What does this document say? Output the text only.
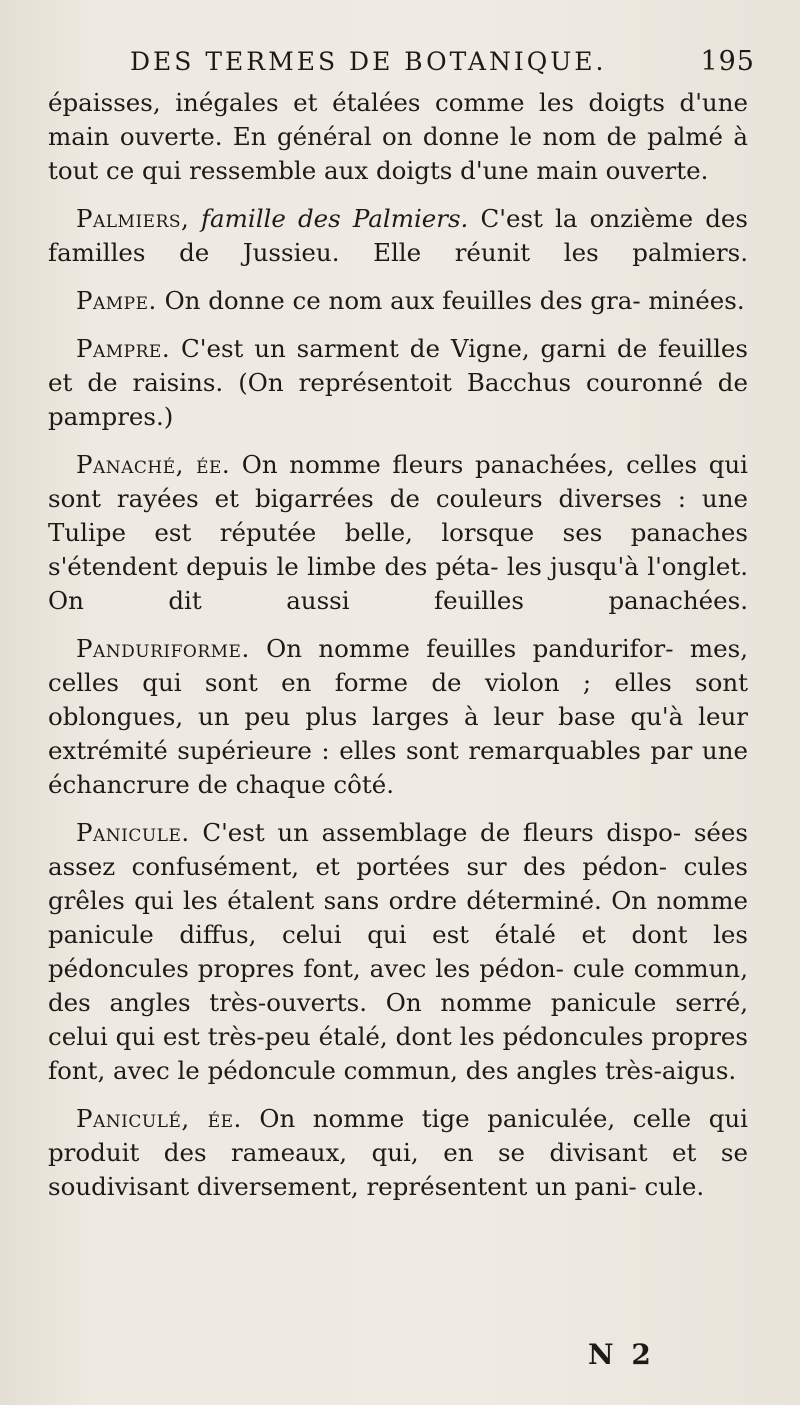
DES TERMES DE BOTANIQUE.	195

épaisses, inégales et étalées comme les doigts d'une main ouverte. En général on donne le nom de palmé à tout ce qui ressemble aux doigts d'une main ouverte.

Palmiers, famille des Palmiers. C'est la onzième des familles de Jussieu. Elle réunit les palmiers.

Pampe. On donne ce nom aux feuilles des gra- minées.

Pampre. C'est un sarment de Vigne, garni de feuilles et de raisins. (On représentoit Bacchus couronné de pampres.)

Panaché, ée. On nomme fleurs panachées, celles qui sont rayées et bigarrées de couleurs diverses : une Tulipe est réputée belle, lorsque ses panaches s'étendent depuis le limbe des péta- les jusqu'à l'onglet. On dit aussi feuilles panachées.

Panduriforme. On nomme feuilles pandurifor- mes, celles qui sont en forme de violon ; elles sont oblongues, un peu plus larges à leur base qu'à leur extrémité supérieure : elles sont remarquables par une échancrure de chaque côté.

Panicule. C'est un assemblage de fleurs dispo- sées assez confusément, et portées sur des pédon- cules grêles qui les étalent sans ordre déterminé. On nomme panicule diffus, celui qui est étalé et dont les pédoncules propres font, avec les pédon- cule commun, des angles très-ouverts. On nomme panicule serré, celui qui est très-peu étalé, dont les pédoncules propres font, avec le pédoncule commun, des angles très-aigus.

Paniculé, ée. On nomme tige paniculée, celle qui produit des rameaux, qui, en se divisant et se soudivisant diversement, représentent un pani- cule.

N 2
